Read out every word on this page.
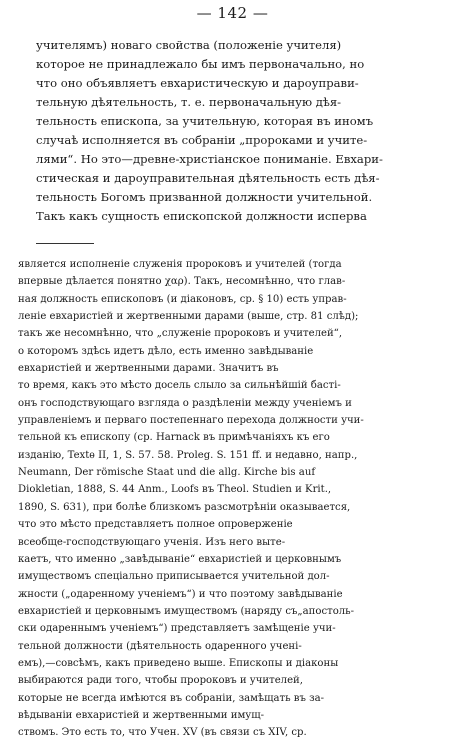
— 142 —
учителямъ) новаго свойства (положенiе учителя)
которое не принадлежало бы имъ первоначально, но
что оно объявляетъ евхаристическую и дароуправи-
тельную дѣятельность, т. е. первоначальную дѣя-
тельность епископа, за учительную, которая въ иномъ
случаѣ исполняется въ собранiи „пророками и учите-
лями“. Но это—древне-христiанское пониманiе. Евхари-
стическая и дароуправительная дѣятельность есть дѣя-
тельность Богомъ призванной должности учительной.
Такъ какъ сущность епископской должности исперва
является исполненiе служенiя пророковъ и учителей (тогда
впервые дѣлается понятно χαρ). Такъ, несомнѣнно, что глав-
ная должность епископовъ (и дiаконовъ, ср. § 10) есть управ-
ленiе евхаристiей и жертвенными дарами (выше, стр. 81 слѣд);
такъ же несомнѣнно, что „служенiе пророковъ и учителей“,
о которомъ здѣсь идетъ дѣло, есть именно завѣдыванiе
евхаристiей и жертвенными дарами. Значитъ въ
то время, какъ это мѣсто досель слыло за сильнѣйшiй бастi-
онъ господствующаго взгляда о раздѣленiи между ученiемъ и
управленiемъ и перваго постепеннаго перехода должности учи-
тельной къ епископу (ср. Harnack въ примѣчанiяхъ къ его
изданiю, Textѳ II, 1, S. 57. 58. Proleg. S. 151 ff. и недавно, напр.,
Neumann, Der römische Staat und die allg. Kirche bis auf
Diokletian, 1888, S. 44 Anm., Loofs въ Theol. Studien и Krit.,
1890, S. 631), при болѣе близкомъ разсмотрѣнiи оказывается,
что это мѣсто представляетъ полное опроверженiе
всеобще-господствующаго ученiя. Изъ него выте-
каетъ, что именно „завѣдыванiе“ евхаристiей и церковнымъ
имуществомъ спецiально приписывается учительной дол-
жности („одаренному ученiемъ“) и что поэтому завѣдыванiе
евхаристiей и церковнымъ имуществомъ (наряду съ„апостоль-
ски одареннымъ ученiемъ“) представляетъ замѣщенiе учи-
тельной должности (дѣятельность одаренного ученi-
емъ),—совсѣмъ, какъ приведено выше. Епископы и дiаконы
выбираются ради того, чтобы пророковъ и учителей,
которые не всегда имѣются въ собранiи, замѣщать въ за-
вѣдыванiи евхаристiей и жертвенными имущ-
ствомъ. Это есть то, что Учен. XV (въ связи съ XIV, ср.
